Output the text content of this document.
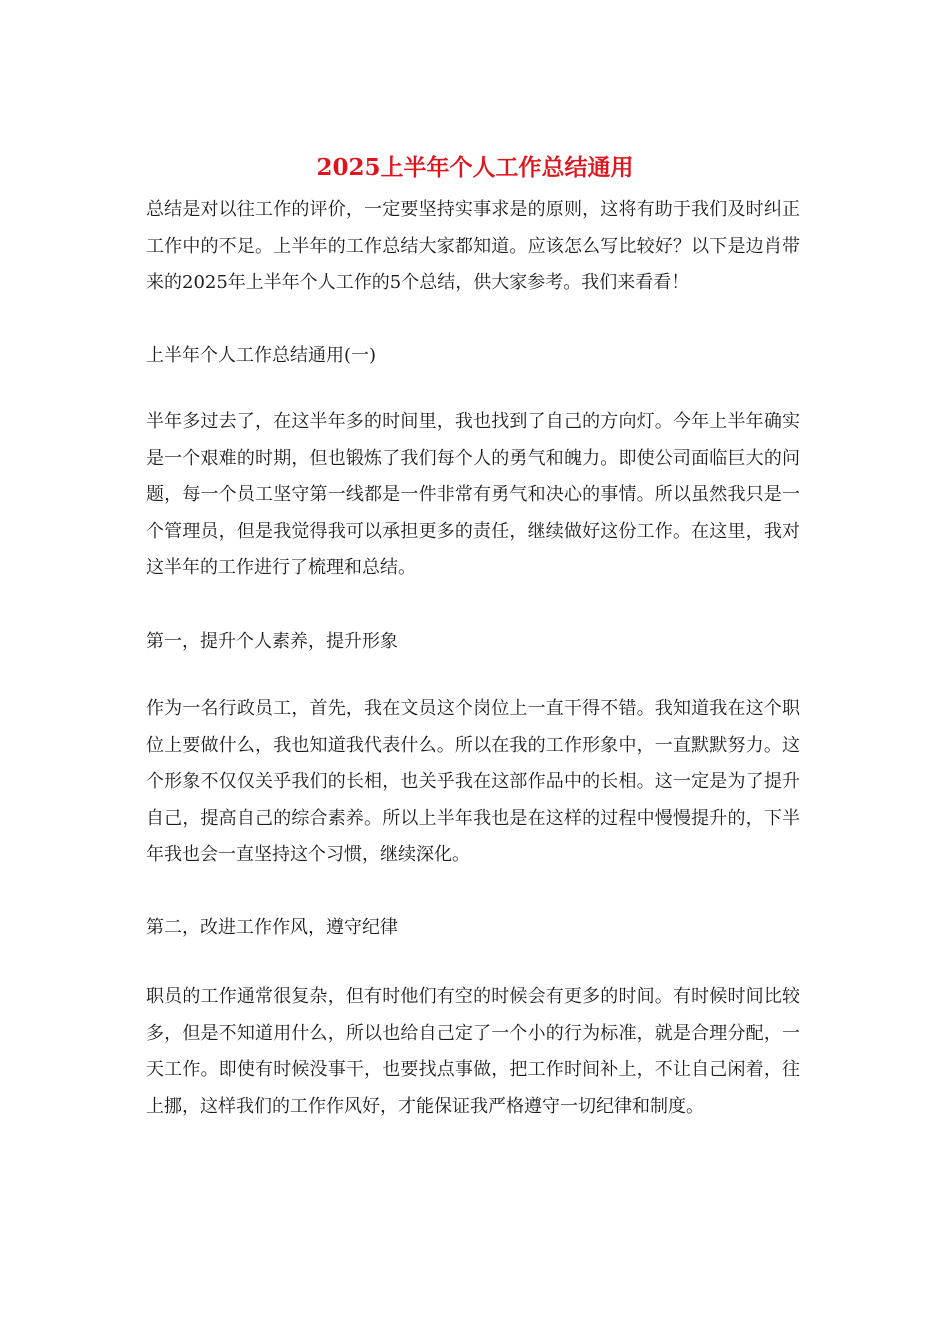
2025上半年个人工作总结通用

总结是对以往工作的评价，一定要坚持实事求是的原则，这将有助于我们及时纠正工作中的不足。上半年的工作总结大家都知道。应该怎么写比较好？以下是边肖带来的2025年上半年个人工作的5个总结，供大家参考。我们来看看！

上半年个人工作总结通用(一)

半年多过去了，在这半年多的时间里，我也找到了自己的方向灯。今年上半年确实是一个艰难的时期，但也锻炼了我们每个人的勇气和魄力。即使公司面临巨大的问题，每一个员工坚守第一线都是一件非常有勇气和决心的事情。所以虽然我只是一个管理员，但是我觉得我可以承担更多的责任，继续做好这份工作。在这里，我对这半年的工作进行了梳理和总结。

第一，提升个人素养，提升形象

作为一名行政员工，首先，我在文员这个岗位上一直干得不错。我知道我在这个职位上要做什么，我也知道我代表什么。所以在我的工作形象中，一直默默努力。这个形象不仅仅关乎我们的长相，也关乎我在这部作品中的长相。这一定是为了提升自己，提高自己的综合素养。所以上半年我也是在这样的过程中慢慢提升的，下半年我也会一直坚持这个习惯，继续深化。

第二，改进工作作风，遵守纪律

职员的工作通常很复杂，但有时他们有空的时候会有更多的时间。有时候时间比较多，但是不知道用什么，所以也给自己定了一个小的行为标准，就是合理分配，一天工作。即使有时候没事干，也要找点事做，把工作时间补上，不让自己闲着，往上挪，这样我们的工作作风好，才能保证我严格遵守一切纪律和制度。
